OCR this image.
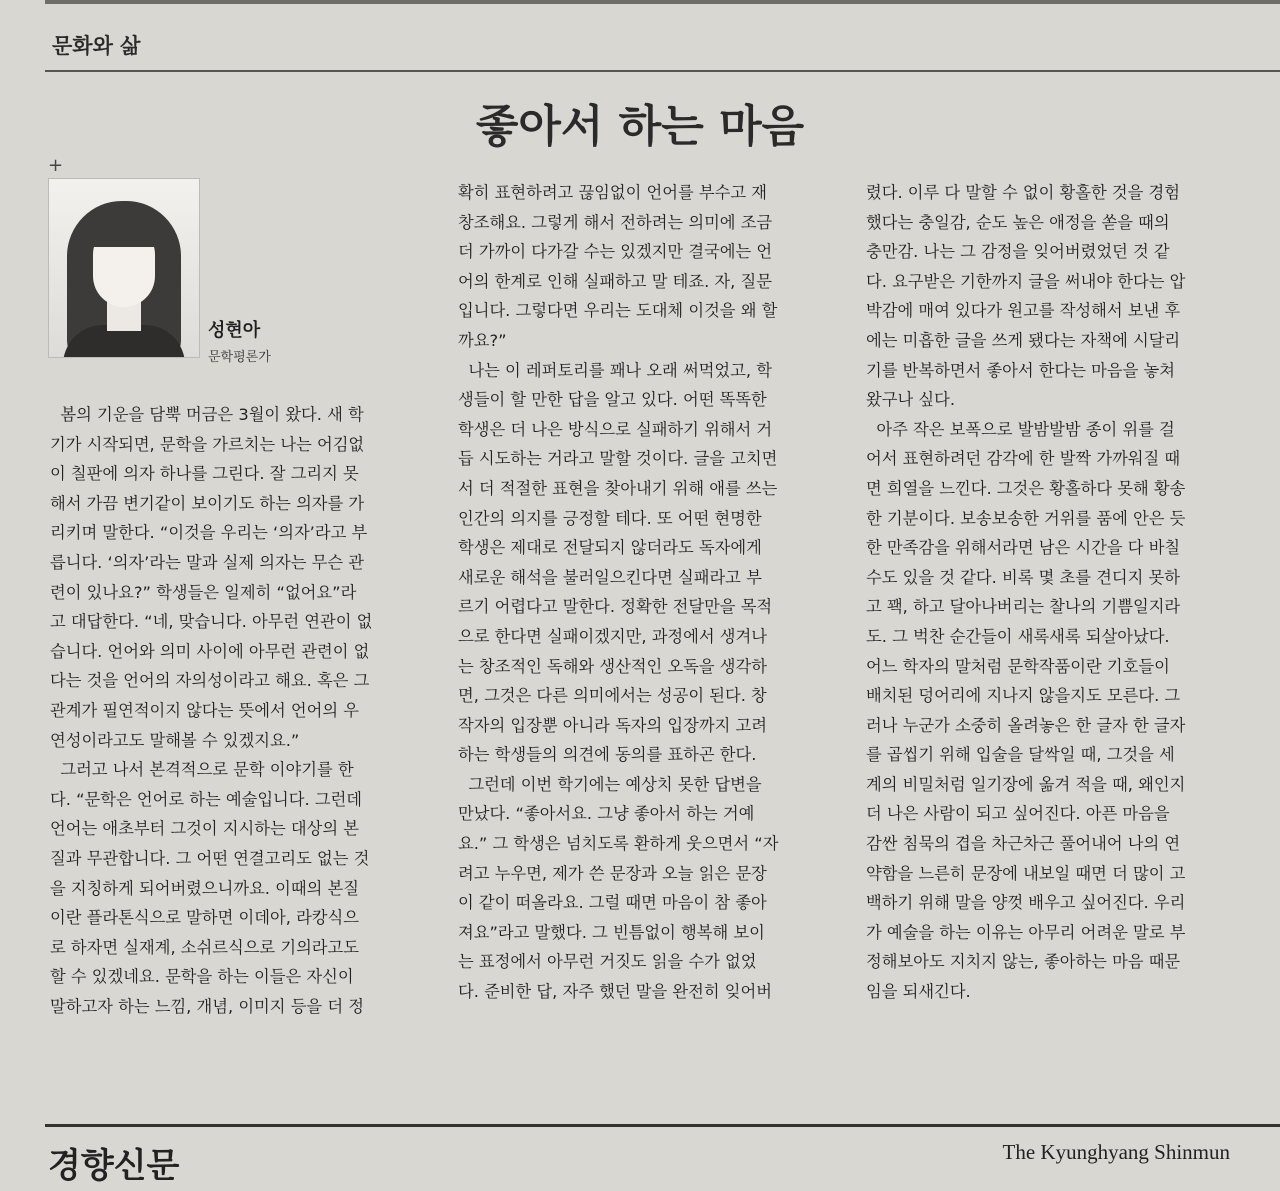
문화와 삶
좋아서 하는 마음
+
성현아
문학평론가

봄의 기운을 담뿍 머금은 3월이 왔다. 새 학

기가 시작되면, 문학을 가르치는 나는 어김없

이 칠판에 의자 하나를 그린다. 잘 그리지 못

해서 가끔 변기같이 보이기도 하는 의자를 가

리키며 말한다. “이것을 우리는 ‘의자’라고 부

릅니다. ‘의자’라는 말과 실제 의자는 무슨 관

련이 있나요?” 학생들은 일제히 “없어요”라

고 대답한다. “네, 맞습니다. 아무런 연관이 없

습니다. 언어와 의미 사이에 아무런 관련이 없

다는 것을 언어의 자의성이라고 해요. 혹은 그

관계가 필연적이지 않다는 뜻에서 언어의 우

연성이라고도 말해볼 수 있겠지요.”

그러고 나서 본격적으로 문학 이야기를 한

다. “문학은 언어로 하는 예술입니다. 그런데

언어는 애초부터 그것이 지시하는 대상의 본

질과 무관합니다. 그 어떤 연결고리도 없는 것

을 지칭하게 되어버렸으니까요. 이때의 본질

이란 플라톤식으로 말하면 이데아, 라캉식으

로 하자면 실재계, 소쉬르식으로 기의라고도

할 수 있겠네요. 문학을 하는 이들은 자신이

말하고자 하는 느낌, 개념, 이미지 등을 더 정

확히 표현하려고 끊임없이 언어를 부수고 재

창조해요. 그렇게 해서 전하려는 의미에 조금

더 가까이 다가갈 수는 있겠지만 결국에는 언

어의 한계로 인해 실패하고 말 테죠. 자, 질문

입니다. 그렇다면 우리는 도대체 이것을 왜 할

까요?”

나는 이 레퍼토리를 꽤나 오래 써먹었고, 학

생들이 할 만한 답을 알고 있다. 어떤 똑똑한

학생은 더 나은 방식으로 실패하기 위해서 거

듭 시도하는 거라고 말할 것이다. 글을 고치면

서 더 적절한 표현을 찾아내기 위해 애를 쓰는

인간의 의지를 긍정할 테다. 또 어떤 현명한

학생은 제대로 전달되지 않더라도 독자에게

새로운 해석을 불러일으킨다면 실패라고 부

르기 어렵다고 말한다. 정확한 전달만을 목적

으로 한다면 실패이겠지만, 과정에서 생겨나

는 창조적인 독해와 생산적인 오독을 생각하

면, 그것은 다른 의미에서는 성공이 된다. 창

작자의 입장뿐 아니라 독자의 입장까지 고려

하는 학생들의 의견에 동의를 표하곤 한다.

그런데 이번 학기에는 예상치 못한 답변을

만났다. “좋아서요. 그냥 좋아서 하는 거예

요.” 그 학생은 넘치도록 환하게 웃으면서 “자

려고 누우면, 제가 쓴 문장과 오늘 읽은 문장

이 같이 떠올라요. 그럴 때면 마음이 참 좋아

져요”라고 말했다. 그 빈틈없이 행복해 보이

는 표정에서 아무런 거짓도 읽을 수가 없었

다. 준비한 답, 자주 했던 말을 완전히 잊어버

렸다. 이루 다 말할 수 없이 황홀한 것을 경험

했다는 충일감, 순도 높은 애정을 쏟을 때의

충만감. 나는 그 감정을 잊어버렸었던 것 같

다. 요구받은 기한까지 글을 써내야 한다는 압

박감에 매여 있다가 원고를 작성해서 보낸 후

에는 미흡한 글을 쓰게 됐다는 자책에 시달리

기를 반복하면서 좋아서 한다는 마음을 놓쳐

왔구나 싶다.

아주 작은 보폭으로 발밤발밤 종이 위를 걸

어서 표현하려던 감각에 한 발짝 가까워질 때

면 희열을 느낀다. 그것은 황홀하다 못해 황송

한 기분이다. 보송보송한 거위를 품에 안은 듯

한 만족감을 위해서라면 남은 시간을 다 바칠

수도 있을 것 같다. 비록 몇 초를 견디지 못하

고 꽥, 하고 달아나버리는 찰나의 기쁨일지라

도. 그 벅찬 순간들이 새록새록 되살아났다.

어느 학자의 말처럼 문학작품이란 기호들이

배치된 덩어리에 지나지 않을지도 모른다. 그

러나 누군가 소중히 올려놓은 한 글자 한 글자

를 곱씹기 위해 입술을 달싹일 때, 그것을 세

계의 비밀처럼 일기장에 옮겨 적을 때, 왜인지

더 나은 사람이 되고 싶어진다. 아픈 마음을

감싼 침묵의 겹을 차근차근 풀어내어 나의 연

약함을 느른히 문장에 내보일 때면 더 많이 고

백하기 위해 말을 양껏 배우고 싶어진다. 우리

가 예술을 하는 이유는 아무리 어려운 말로 부

정해보아도 지치지 않는, 좋아하는 마음 때문

임을 되새긴다.

경향신문	The Kyunghyang Shinmun
